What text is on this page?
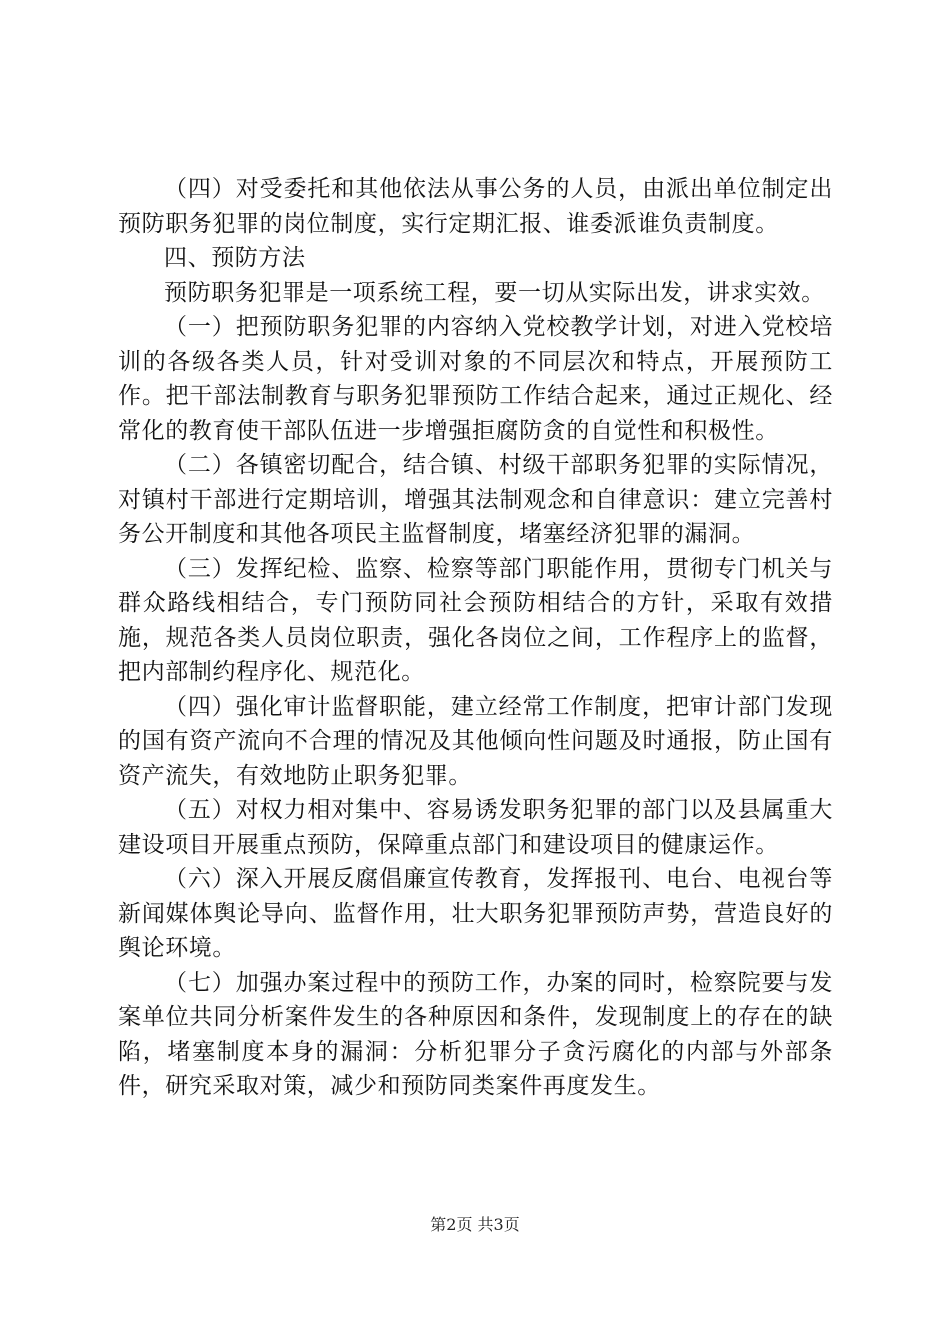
（四）对受委托和其他依法从事公务的人员，由派出单位制定出预防职务犯罪的岗位制度，实行定期汇报、谁委派谁负责制度。

四、预防方法

预防职务犯罪是一项系统工程，要一切从实际出发，讲求实效。

（一）把预防职务犯罪的内容纳入党校教学计划，对进入党校培训的各级各类人员，针对受训对象的不同层次和特点，开展预防工作。把干部法制教育与职务犯罪预防工作结合起来，通过正规化、经常化的教育使干部队伍进一步增强拒腐防贪的自觉性和积极性。

（二）各镇密切配合，结合镇、村级干部职务犯罪的实际情况，对镇村干部进行定期培训，增强其法制观念和自律意识：建立完善村务公开制度和其他各项民主监督制度，堵塞经济犯罪的漏洞。

（三）发挥纪检、监察、检察等部门职能作用，贯彻专门机关与群众路线相结合，专门预防同社会预防相结合的方针，采取有效措施，规范各类人员岗位职责，强化各岗位之间，工作程序上的监督，把内部制约程序化、规范化。

（四）强化审计监督职能，建立经常工作制度，把审计部门发现的国有资产流向不合理的情况及其他倾向性问题及时通报，防止国有资产流失，有效地防止职务犯罪。

（五）对权力相对集中、容易诱发职务犯罪的部门以及县属重大建设项目开展重点预防，保障重点部门和建设项目的健康运作。

（六）深入开展反腐倡廉宣传教育，发挥报刊、电台、电视台等新闻媒体舆论导向、监督作用，壮大职务犯罪预防声势，营造良好的舆论环境。

（七）加强办案过程中的预防工作，办案的同时，检察院要与发案单位共同分析案件发生的各种原因和条件，发现制度上的存在的缺陷，堵塞制度本身的漏洞：分析犯罪分子贪污腐化的内部与外部条件，研究采取对策，减少和预防同类案件再度发生。

第2页 共3页
